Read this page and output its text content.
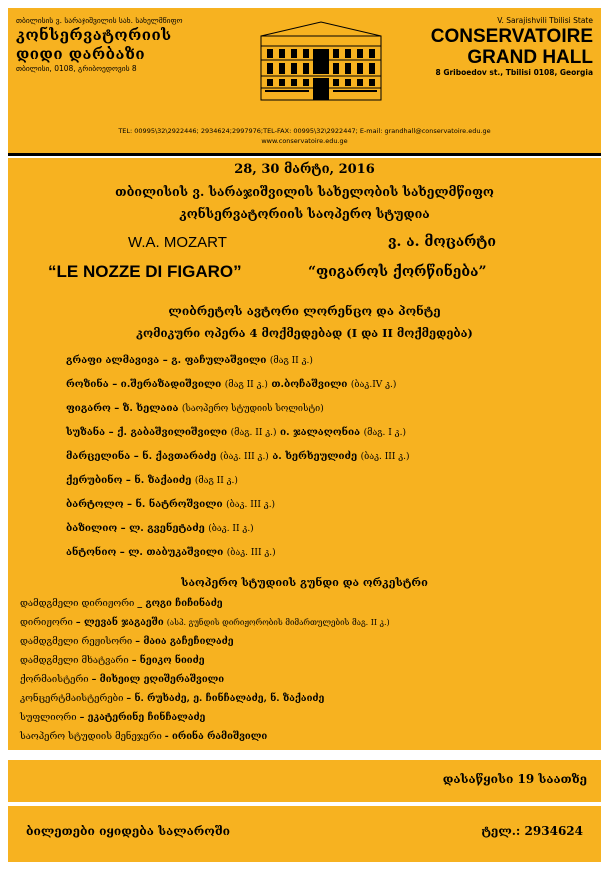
თბილისის ვ. სარაჯიშვილის სახ. სახელმწიფო
კონსერვატორიის
დიდი დარბაზი
თბილისი, 0108, გრიბოედოვის 8
V. Sarajishvili Tbilisi State
CONSERVATOIRE
GRAND HALL
8 Griboedov st., Tbilisi 0108, Georgia
TEL: 00995\32\2922446; 2934624;2997976;TEL-FAX: 00995\32\2922447; E-mail: grandhall@conservatoire.edu.ge
www.conservatoire.edu.ge
28, 30 მარტი, 2016
თბილისის ვ. სარაჯიშვილის სახელობის სახელმწიფო
კონსერვატორიის საოპერო სტუდია
W.A. MOZART	ვ. ა. მოცარტი
“LE NOZZE DI FIGARO”	“ფიგაროს ქორწინება”
ლიბრეტოს ავტორი ლორენცო და პონტე
კომიკური ოპერა 4 მოქმედებად (I და II მოქმედება)
გრაფი ალმავივა – გ. ფაჩულაშვილი (მაგ II კ.)
როზინა – ი.შერაზადიშვილი (მაგ II კ.) თ.ბოჩაშვილი (ბაკ.IV კ.)
ფიგარო – ზ. ხელაია (საოპერო სტუდიის სოლისტი)
სუზანა – ქ. გაბაშვილიშვილი (მაგ. II კ.) ი. ჯალაღონია (მაგ. I კ.)
მარცელინა – ნ. ქავთარაძე (ბაკ. III კ.) ა. ხერხეულიძე (ბაკ. III კ.)
ქერუბინო – ნ. ზაქაიძე (მაგ II კ.)
ბარტოლო – ნ. ნატროშვილი (ბაკ. III კ.)
ბაზილიო – ლ. გვენეტაძე (ბაკ. II კ.)
ანტონიო – ლ. თაბუკაშვილი (ბაკ. III კ.)
საოპერო სტუდიის გუნდი და ორკესტრი
დამდგმელი დირიჟორი _ გოგი ჩიჩინაძე
დირიჟორი – ლევან ჯაგაეში (ასპ. გუნდის დირიჟორობის მიმართულების მაგ. II კ.)
დამდგმელი რეჟისორი – მაია გაჩეჩილაძე
დამდგმელი მხატვარი – ნეიკო ნიიძე
ქორმაისტერი – მიხეილ ეღიშერაშვილი
კონცერტმაისტერები – ნ. რუხაძე, ე. ჩინჩალაძე, ნ. ზაქაიძე
სუფლიორი – ეკატერინე ჩინჩალაძე
საოპერო სტუდიის მენეჯერი - ირინა რამიშვილი
დასაწყისი 19 საათზე
ბილეთები იყიდება სალაროში	ტელ.: 2934624
